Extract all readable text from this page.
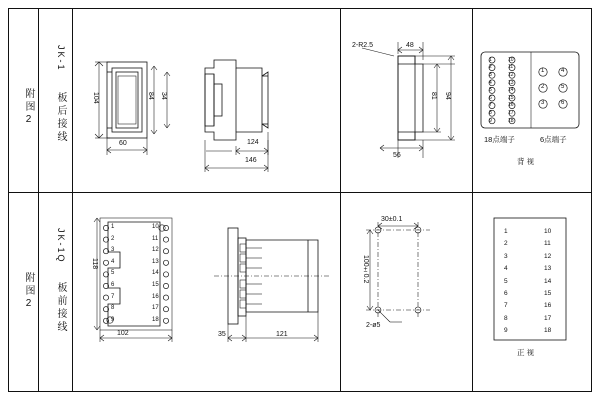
附图2
JK-1
板后接线
附图2
JK-1Q
板前接线
104	84 34
60	124
146
2-R2.5	48
81 94
56
18点端子	6点端子
背 视
118
102	35	121
30±0.1
100±0.2
2-ø5
正 视
1	10
2	11
3	12
4	13
5	14
6	15
7	16
8	17
9	18
1	4
2	5
3	6
1
2
3
4
5
6
7
8
9
10
11
12
13
14
15
16
17
18
1
2
3
4
5
6
7
8
9
10
11
12
13
14
15
16
17
18
